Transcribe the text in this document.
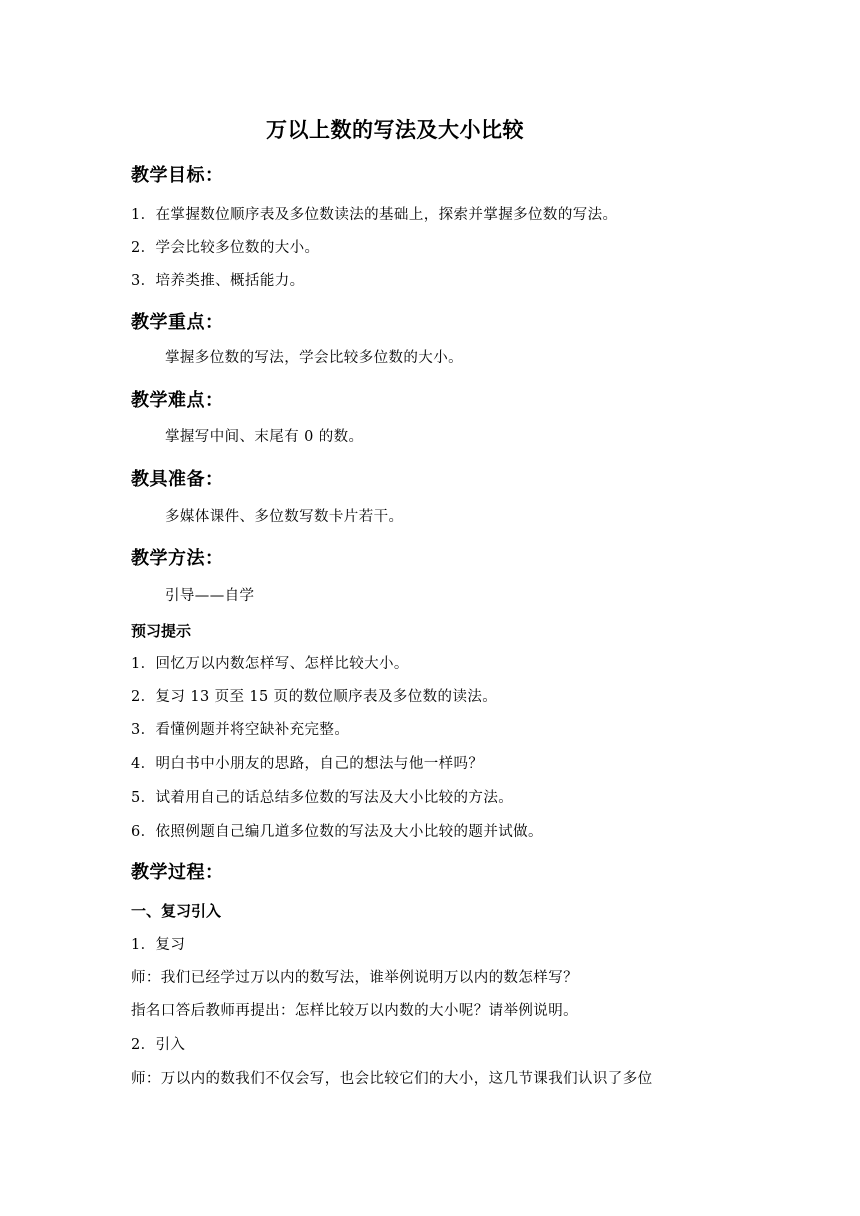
万以上数的写法及大小比较
教学目标：
1．在掌握数位顺序表及多位数读法的基础上，探索并掌握多位数的写法。
2．学会比较多位数的大小。
3．培养类推、概括能力。
教学重点：
掌握多位数的写法，学会比较多位数的大小。
教学难点：
掌握写中间、末尾有 0 的数。
教具准备：
多媒体课件、多位数写数卡片若干。
教学方法：
引导——自学
预习提示
1．回忆万以内数怎样写、怎样比较大小。
2．复习 13 页至 15 页的数位顺序表及多位数的读法。
3．看懂例题并将空缺补充完整。
4．明白书中小朋友的思路，自己的想法与他一样吗？
5．试着用自己的话总结多位数的写法及大小比较的方法。
6．依照例题自己编几道多位数的写法及大小比较的题并试做。
教学过程：
一、复习引入
1．复习
师：我们已经学过万以内的数写法，谁举例说明万以内的数怎样写？
指名口答后教师再提出：怎样比较万以内数的大小呢？请举例说明。
2．引入
师：万以内的数我们不仅会写，也会比较它们的大小，这几节课我们认识了多位
